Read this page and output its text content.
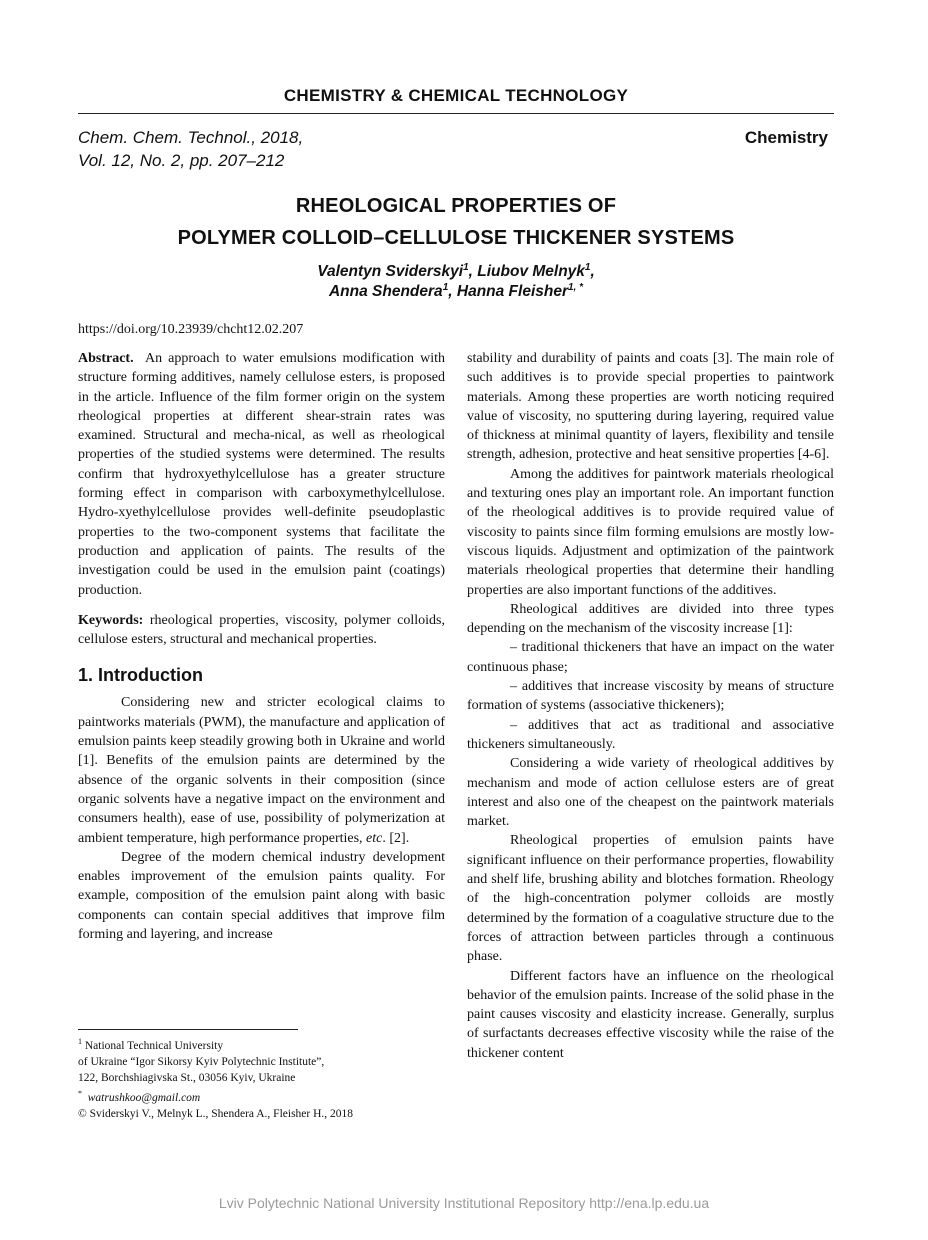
CHEMISTRY & CHEMICAL TECHNOLOGY
Chem. Chem. Technol., 2018,
Vol. 12, No. 2, pp. 207–212
Chemistry
RHEOLOGICAL PROPERTIES OF
POLYMER COLLOID–CELLULOSE THICKENER SYSTEMS
Valentyn Sviderskyi$^1$, Liubov Melnyk$^1$,
Anna Shendera$^1$, Hanna Fleisher$^{1, *}$
https://doi.org/10.23939/chcht12.02.207

Abstract. An approach to water emulsions modification with structure forming additives, namely cellulose esters, is proposed in the article. Influence of the film former origin on the system rheological properties at different shear-strain rates was examined. Structural and mecha-nical, as well as rheological properties of the studied systems were determined. The results confirm that hydroxyethylcellulose has a greater structure forming effect in comparison with carboxymethylcellulose. Hydro-xyethylcellulose provides well-definite pseudoplastic properties to the two-component systems that facilitate the production and application of paints. The results of the investigation could be used in the emulsion paint (coatings) production.

Keywords: rheological properties, viscosity, polymer colloids, cellulose esters, structural and mechanical properties.

1. Introduction

Considering new and stricter ecological claims to paintworks materials (PWM), the manufacture and application of emulsion paints keep steadily growing both in Ukraine and world [1]. Benefits of the emulsion paints are determined by the absence of the organic solvents in their composition (since organic solvents have a negative impact on the environment and consumers health), ease of use, possibility of polymerization at ambient temperature, high performance properties, etc. [2].

Degree of the modern chemical industry development enables improvement of the emulsion paints quality. For example, composition of the emulsion paint along with basic components can contain special additives that improve film forming and layering, and increase

stability and durability of paints and coats [3]. The main role of such additives is to provide special properties to paintwork materials. Among these properties are worth noticing required value of viscosity, no sputtering during layering, required value of thickness at minimal quantity of layers, flexibility and tensile strength, adhesion, protective and heat sensitive properties [4-6].

Among the additives for paintwork materials rheological and texturing ones play an important role. An important function of the rheological additives is to provide required value of viscosity to paints since film forming emulsions are mostly low-viscous liquids. Adjustment and optimization of the paintwork materials rheological properties that determine their handling properties are also important functions of the additives.

Rheological additives are divided into three types depending on the mechanism of the viscosity increase [1]:

– traditional thickeners that have an impact on the water continuous phase;

– additives that increase viscosity by means of structure formation of systems (associative thickeners);

– additives that act as traditional and associative thickeners simultaneously.

Considering a wide variety of rheological additives by mechanism and mode of action cellulose esters are of great interest and also one of the cheapest on the paintwork materials market.

Rheological properties of emulsion paints have significant influence on their performance properties, flowability and shelf life, brushing ability and blotches formation. Rheology of the high-concentration polymer colloids are mostly determined by the formation of a coagulative structure due to the forces of attraction between particles through a continuous phase.

Different factors have an influence on the rheological behavior of the emulsion paints. Increase of the solid phase in the paint causes viscosity and elasticity increase. Generally, surplus of surfactants decreases effective viscosity while the raise of the thickener content

$^1$ National Technical University
of Ukraine “Igor Sikorsy Kyiv Polytechnic Institute”,
122, Borchshiagivska St., 03056 Kyiv, Ukraine
* watrushkoo@gmail.com
© Sviderskyi V., Melnyk L., Shendera A., Fleisher H., 2018
Lviv Polytechnic National University Institutional Repository http://ena.lp.edu.ua
